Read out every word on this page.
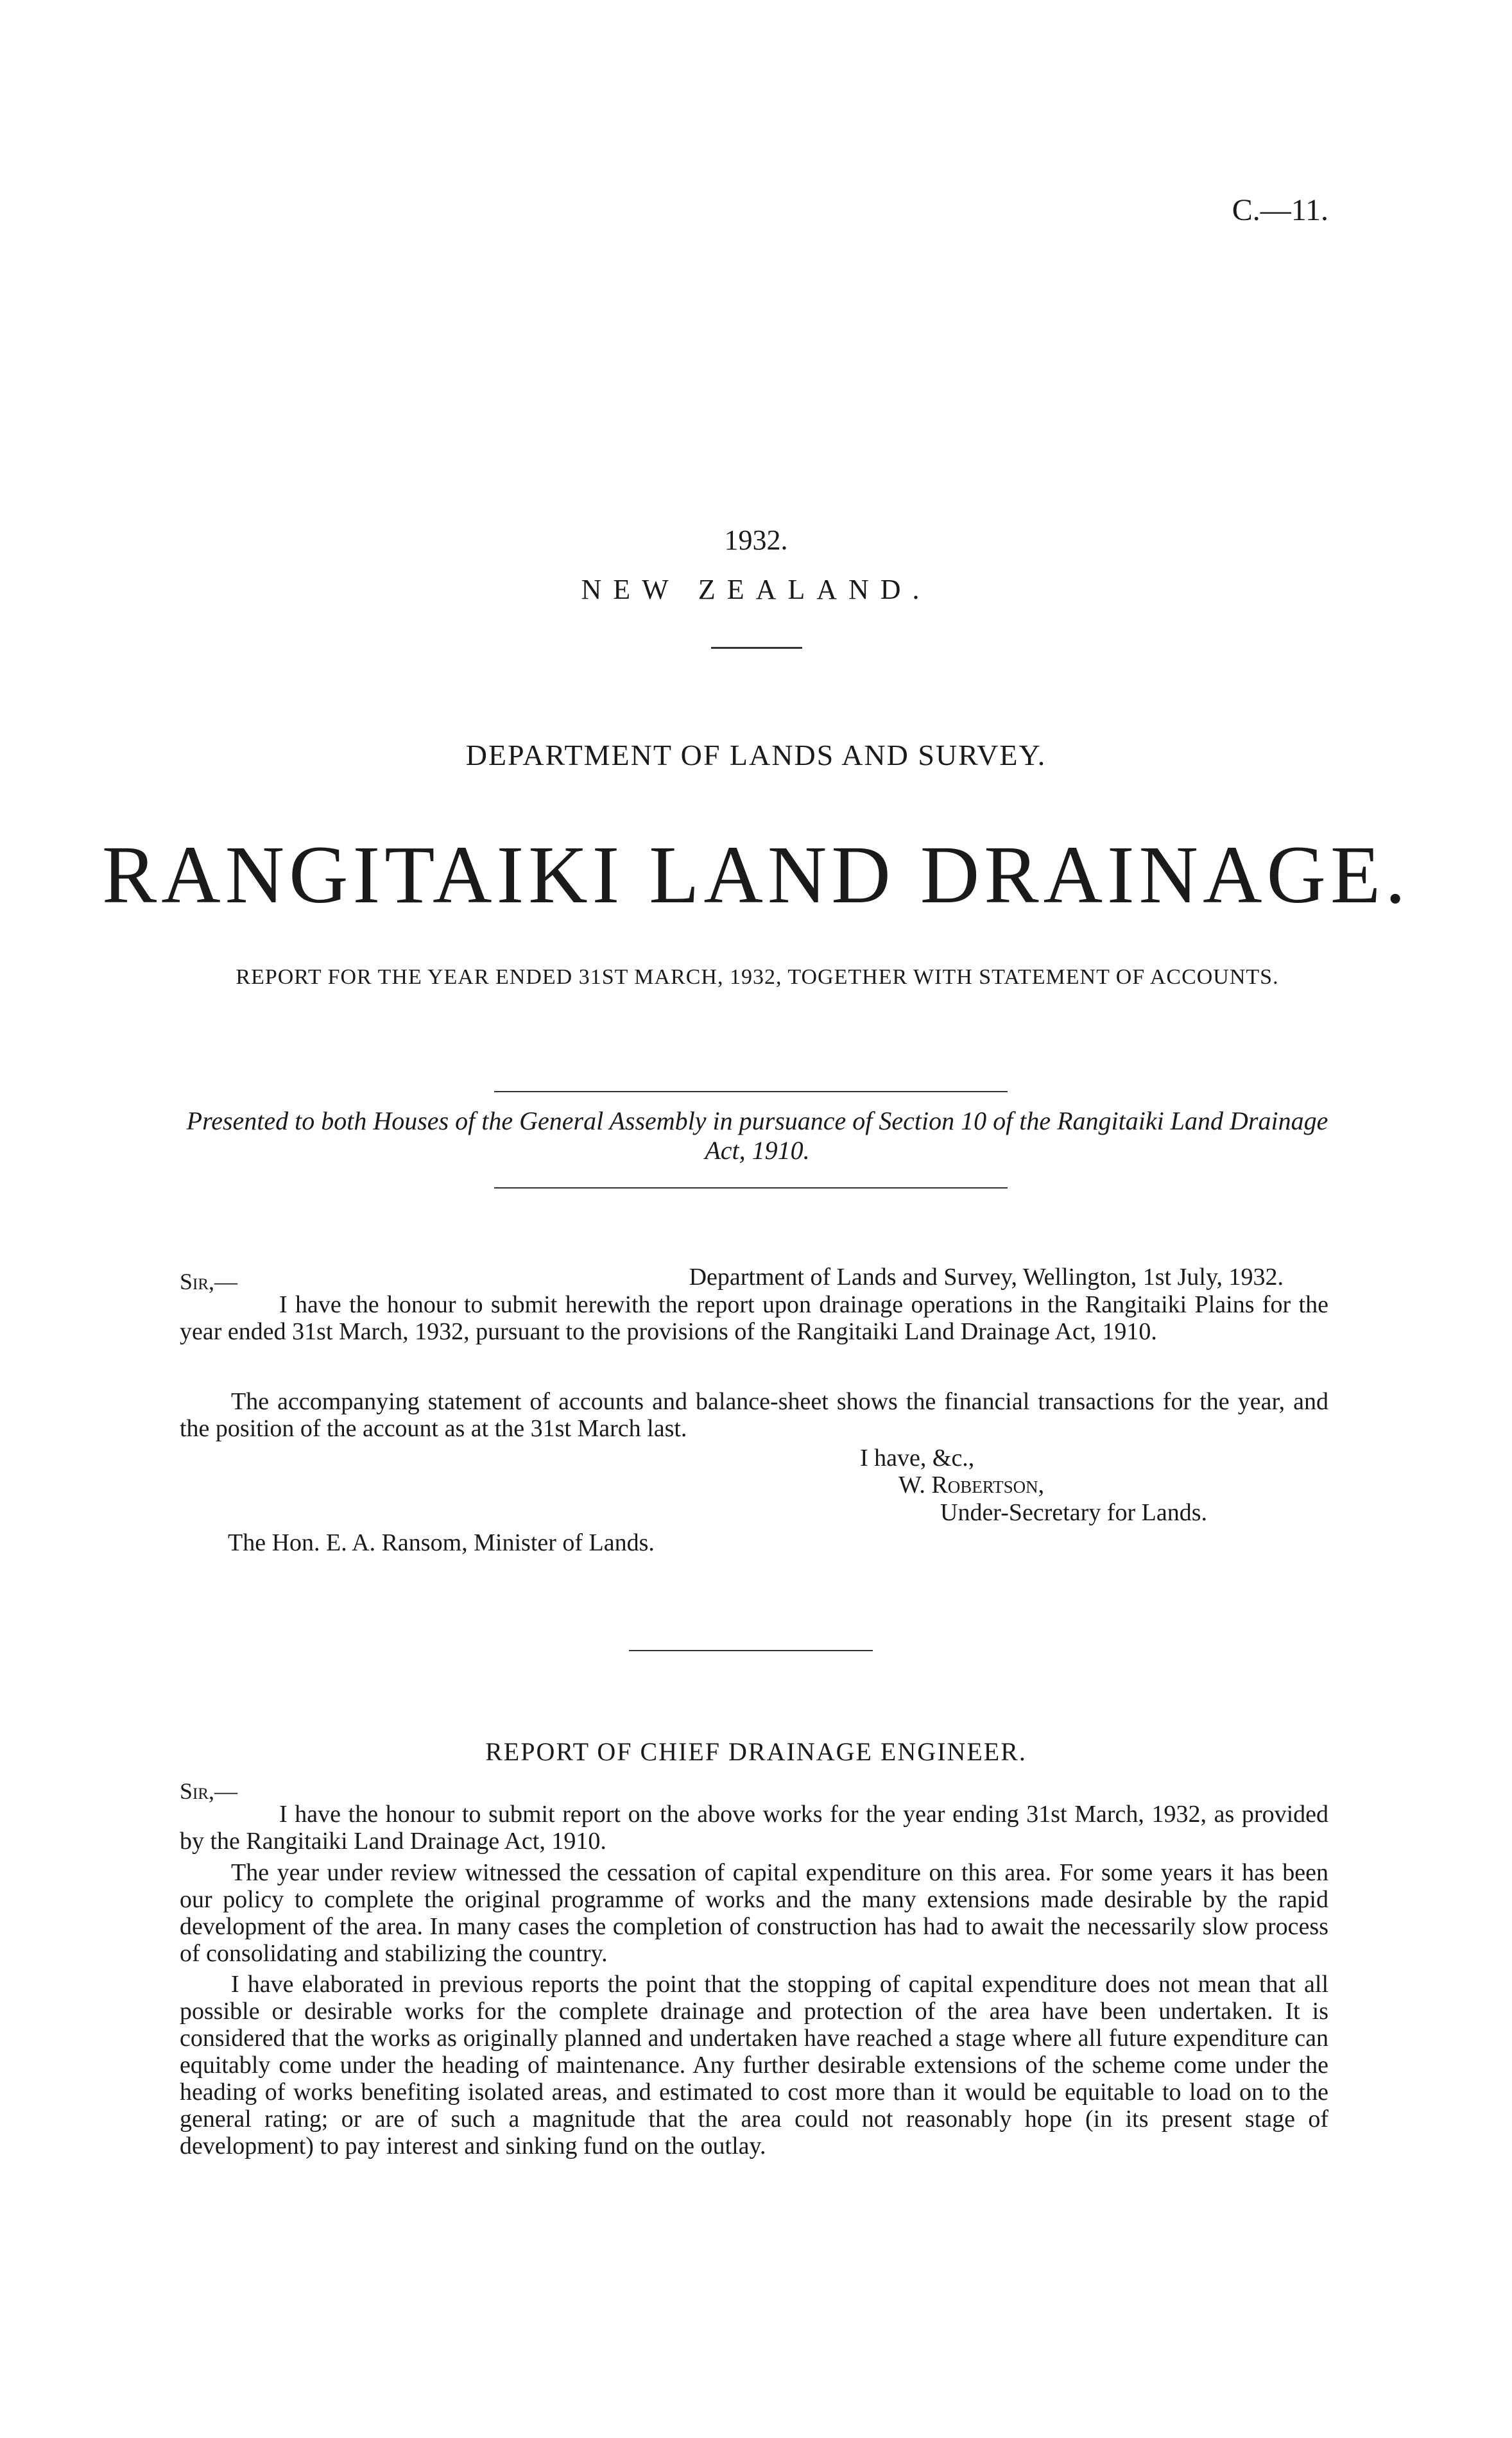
C.—11.
1932.
NEW ZEALAND.
DEPARTMENT OF LANDS AND SURVEY.
RANGITAIKI LAND DRAINAGE.
REPORT FOR THE YEAR ENDED 31ST MARCH, 1932, TOGETHER WITH STATEMENT OF ACCOUNTS.
Presented to both Houses of the General Assembly in pursuance of Section 10 of the Rangitaiki Land Drainage Act, 1910.
Sir,—	Department of Lands and Survey, Wellington, 1st July, 1932.
I have the honour to submit herewith the report upon drainage operations in the Rangitaiki Plains for the year ended 31st March, 1932, pursuant to the provisions of the Rangitaiki Land Drainage Act, 1910.
The accompanying statement of accounts and balance-sheet shows the financial transactions for the year, and the position of the account as at the 31st March last.
I have, &c.,
W. Robertson,
Under-Secretary for Lands.
The Hon. E. A. Ransom, Minister of Lands.
REPORT OF CHIEF DRAINAGE ENGINEER.
Sir,—
I have the honour to submit report on the above works for the year ending 31st March, 1932, as provided by the Rangitaiki Land Drainage Act, 1910.
The year under review witnessed the cessation of capital expenditure on this area. For some years it has been our policy to complete the original programme of works and the many extensions made desirable by the rapid development of the area. In many cases the completion of construction has had to await the necessarily slow process of consolidating and stabilizing the country.
I have elaborated in previous reports the point that the stopping of capital expenditure does not mean that all possible or desirable works for the complete drainage and protection of the area have been undertaken. It is considered that the works as originally planned and undertaken have reached a stage where all future expenditure can equitably come under the heading of maintenance. Any further desirable extensions of the scheme come under the heading of works benefiting isolated areas, and estimated to cost more than it would be equitable to load on to the general rating; or are of such a magnitude that the area could not reasonably hope (in its present stage of development) to pay interest and sinking fund on the outlay.
